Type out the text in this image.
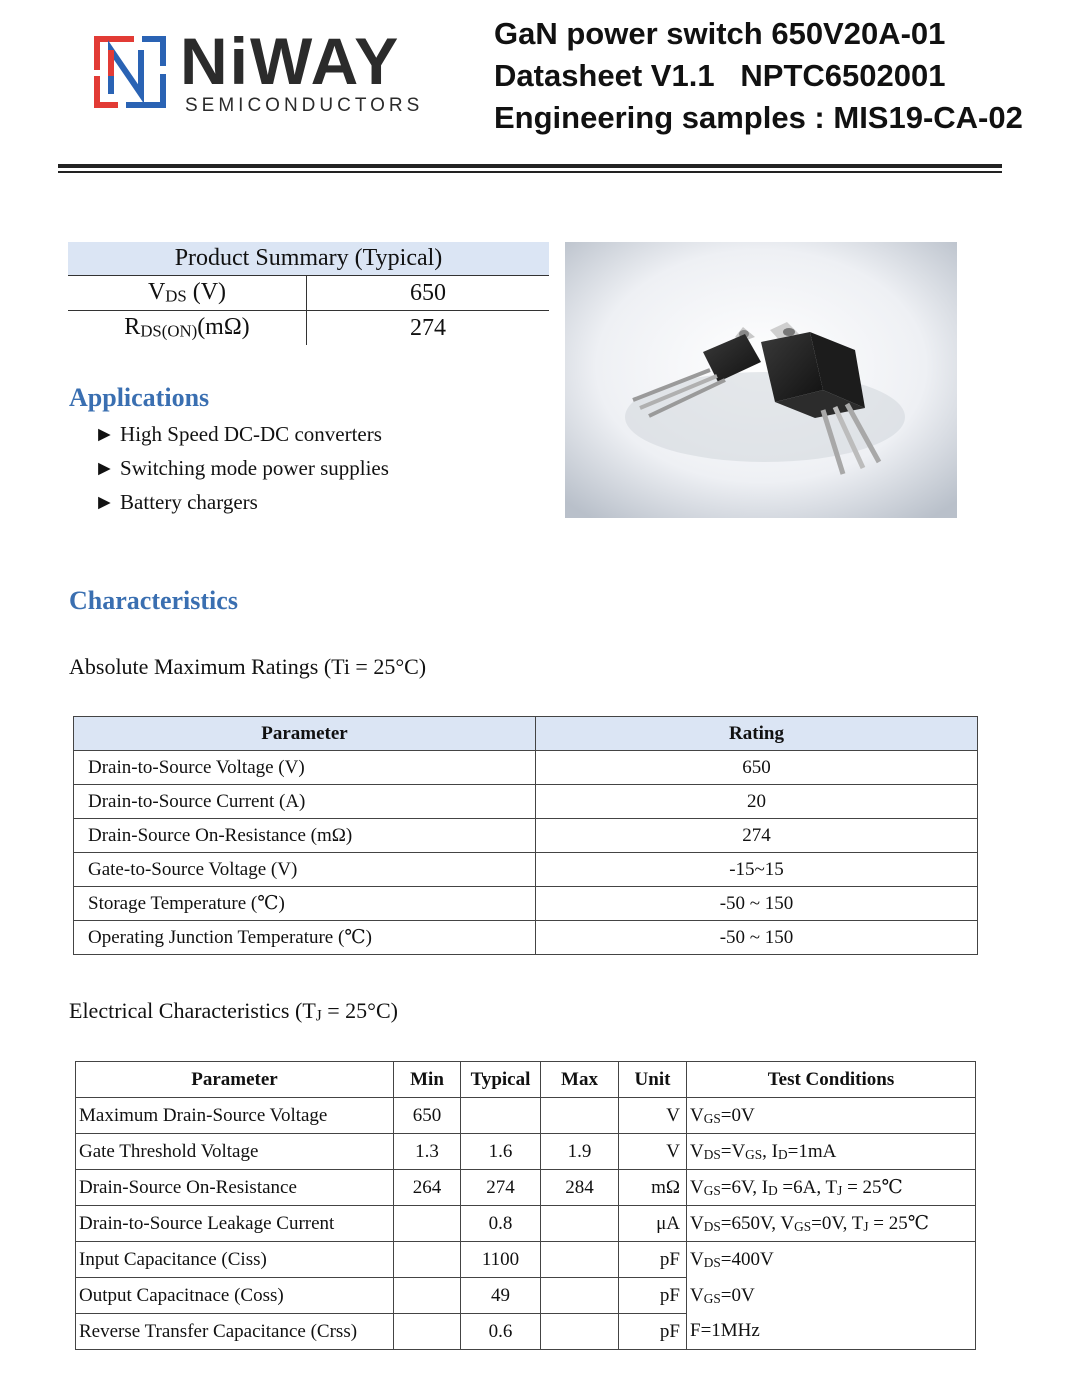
NiWAY
SEMICONDUCTORS
GaN power switch 650V20A-01
Datasheet V1.1   NPTC6502001
Engineering samples : MIS19-CA-02
Product Summary (Typical)	
$V_{DS}$ (V)	650
$R_{DS(ON)}(m\Omega)$	274
Applications
► High Speed DC-DC converters
► Switching mode power supplies
► Battery chargers
Characteristics
Absolute Maximum Ratings (Ti = 25°C)
Parameter	Rating
Drain-to-Source Voltage (V)	650
Drain-to-Source Current (A)	20
Drain-Source On-Resistance (mΩ)	274
Gate-to-Source Voltage (V)	-15~15
Storage Temperature (℃)	-50 ~ 150
Operating Junction Temperature (℃)	-50 ~ 150
Electrical Characteristics $(T_J = 25^\circ C)$
Parameter	Min	Typical	Max	Unit	Test Conditions
Maximum Drain-Source Voltage	650			V	$V_{GS}=0V$
Gate Threshold Voltage	1.3	1.6	1.9	V	$V_{DS}=V_{GS}$, $I_D=1mA$
Drain-Source On-Resistance	264	274	284	mΩ	$V_{GS}=6V$, $I_D =6A$, $T_J$ = 25℃
Drain-to-Source Leakage Current		0.8		μA	$V_{DS}=650V$, $V_{GS}=0V$, $T_J$ = 25℃
Input Capacitance (Ciss)		1100		pF	$V_{DS}=400V$
Output Capacitnace (Coss)		49		pF	$V_{GS}=0V$
Reverse Transfer Capacitance (Crss)		0.6		pF	F=1MHz
